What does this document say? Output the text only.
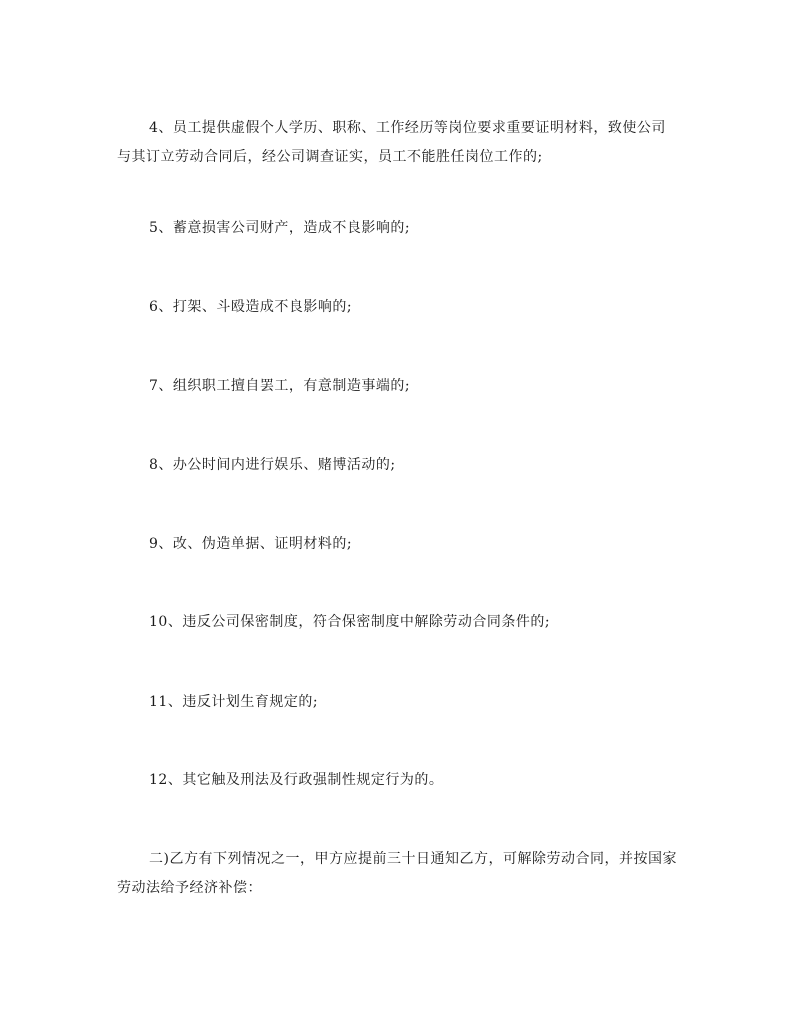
4、员工提供虚假个人学历、职称、工作经历等岗位要求重要证明材料，致使公司与其订立劳动合同后，经公司调查证实，员工不能胜任岗位工作的;

5、蓄意损害公司财产，造成不良影响的;

6、打架、斗殴造成不良影响的;

7、组织职工擅自罢工，有意制造事端的;

8、办公时间内进行娱乐、赌博活动的;

9、改、伪造单据、证明材料的;

10、违反公司保密制度，符合保密制度中解除劳动合同条件的;

11、违反计划生育规定的;

12、其它触及刑法及行政强制性规定行为的。

二)乙方有下列情况之一，甲方应提前三十日通知乙方，可解除劳动合同，并按国家劳动法给予经济补偿：
